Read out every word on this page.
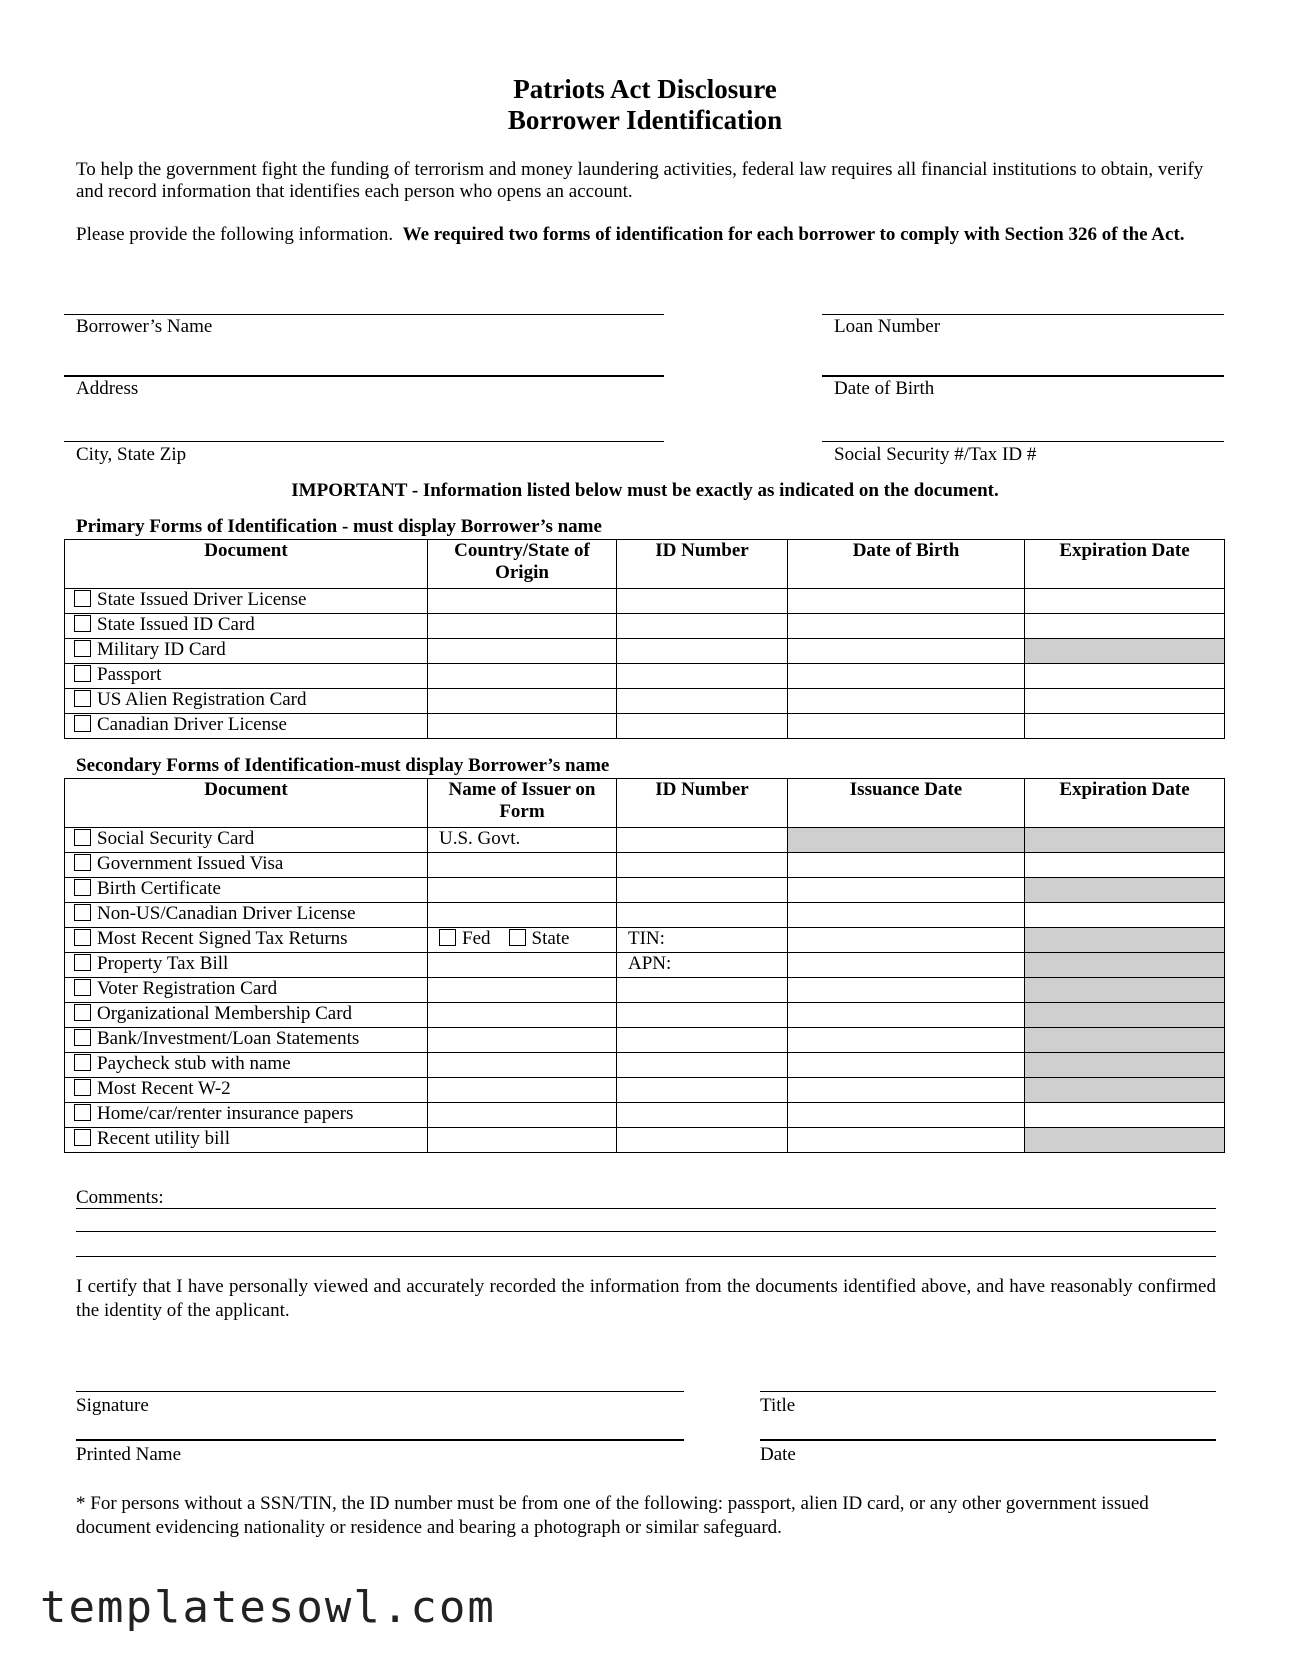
Patriots Act Disclosure
Borrower Identification
To help the government fight the funding of terrorism and money laundering activities, federal law requires all financial institutions to obtain, verify and record information that identifies each person who opens an account.
Please provide the following information.  We required two forms of identification for each borrower to comply with Section 326 of the Act.
Borrower’s Name	Loan Number
Address	Date of Birth
City, State Zip	Social Security #/Tax ID #
IMPORTANT - Information listed below must be exactly as indicated on the document.
Primary Forms of Identification - must display Borrower’s name
Document	Country/State of Origin	ID Number	Date of Birth	Expiration Date
State Issued Driver License				
State Issued ID Card				
Military ID Card				
Passport				
US Alien Registration Card				
Canadian Driver License				
Secondary Forms of Identification-must display Borrower’s name
Document	Name of Issuer on Form	ID Number	Issuance Date	Expiration Date
Social Security Card	U.S. Govt.			
Government Issued Visa				
Birth Certificate				
Non-US/Canadian Driver License				
Most Recent Signed Tax Returns	Fed State	TIN:		
Property Tax Bill		APN:		
Voter Registration Card				
Organizational Membership Card				
Bank/Investment/Loan Statements				
Paycheck stub with name				
Most Recent W-2				
Home/car/renter insurance papers				
Recent utility bill				
Comments:
I certify that I have personally viewed and accurately recorded the information from the documents identified above, and have reasonably confirmed the identity of the applicant.
Signature	Title
Printed Name	Date
* For persons without a SSN/TIN, the ID number must be from one of the following: passport, alien ID card, or any other government issued document evidencing nationality or residence and bearing a photograph or similar safeguard.
templatesowl.com
